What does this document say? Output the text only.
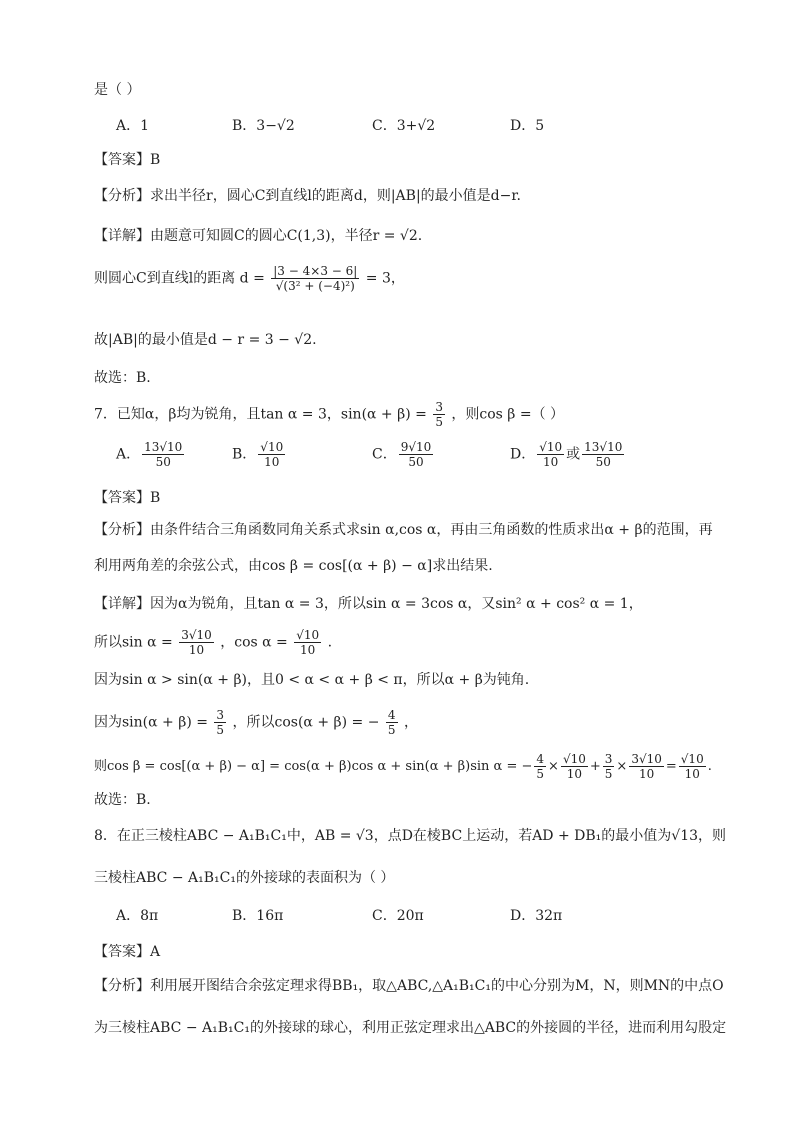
是（ ）
A．1	B．3−√2	C．3+√2	D．5
【答案】B
【分析】求出半径r，圆心C到直线l的距离d，则|AB|的最小值是d−r.
【详解】由题意可知圆C的圆心C(1,3)，半径r = √2.
则圆心C到直线l的距离 $d = \frac{|3 - 4\times 3 - 6|}{\text{√(3² + (−4)²)}} = 3$，
故|AB|的最小值是d − r = 3 − √2.
故选：B.
7．已知α，β均为锐角，且tan α = 3，$\sin(\alpha + \beta) = \frac{3}{5}$ ，则cos β =（ ）
A． $\frac{13√10}{50}$	B． $\frac{√10}{10}$	C． $\frac{9√10}{50}$	D． $\frac{√10}{10}$ 或 $\frac{13√10}{50}$
【答案】B
【分析】由条件结合三角函数同角关系式求sin α,cos α，再由三角函数的性质求出α + β的范围，再
利用两角差的余弦公式，由cos β = cos[(α + β) − α]求出结果.
【详解】因为α为锐角，且tan α = 3，所以sin α = 3cos α，又sin² α + cos² α = 1，
所以$\sin \alpha = \frac{3√10}{10}$ ，$\cos \alpha = \frac{√10}{10}$ .
因为sin α > sin(α + β)，且0 < α < α + β < π，所以α + β为钝角.
因为$\sin(\alpha + \beta) = \frac{3}{5}$ ，所以cos(α + β) = − $\frac{4}{5}$ ，
则cos β = cos[(α + β) − α] = cos(α + β)cos α + sin(α + β)sin α = − $\frac{4}{5} \times \frac{√10}{10} + \frac{3}{5} \times \frac{3√10}{10} = \frac{√10}{10}$ .
故选：B.
8．在正三棱柱ABC − A₁B₁C₁中，AB = √3，点D在棱BC上运动，若AD + DB₁的最小值为√13，则
三棱柱ABC − A₁B₁C₁的外接球的表面积为（ ）
A．8π	B．16π	C．20π	D．32π
【答案】A
【分析】利用展开图结合余弦定理求得BB₁，取△ABC,△A₁B₁C₁的中心分别为M，N，则MN的中点O
为三棱柱ABC − A₁B₁C₁的外接球的球心，利用正弦定理求出△ABC的外接圆的半径，进而利用勾股定
